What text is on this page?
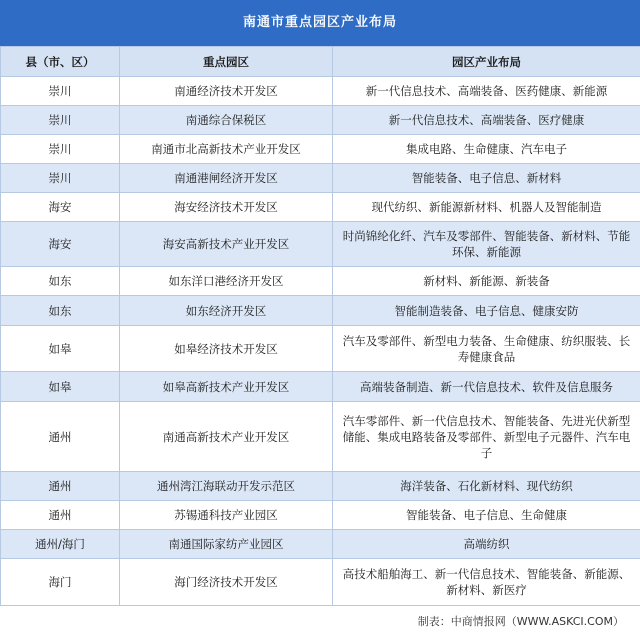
南通市重点园区产业布局
县（市、区）	重点园区	园区产业布局
崇川	南通经济技术开发区	新一代信息技术、高端装备、医药健康、新能源
崇川	南通综合保税区	新一代信息技术、高端装备、医疗健康
崇川	南通市北高新技术产业开发区	集成电路、生命健康、汽车电子
崇川	南通港闸经济开发区	智能装备、电子信息、新材料
海安	海安经济技术开发区	现代纺织、新能源新材料、机器人及智能制造
海安	海安高新技术产业开发区	时尚锦纶化纤、汽车及零部件、智能装备、新材料、节能环保、新能源
如东	如东洋口港经济开发区	新材料、新能源、新装备
如东	如东经济开发区	智能制造装备、电子信息、健康安防
如皋	如皋经济技术开发区	汽车及零部件、新型电力装备、生命健康、纺织服装、长寿健康食品
如皋	如皋高新技术产业开发区	高端装备制造、新一代信息技术、软件及信息服务
通州	南通高新技术产业开发区	汽车零部件、新一代信息技术、智能装备、先进光伏新型储能、集成电路装备及零部件、新型电子元器件、汽车电子
通州	通州湾江海联动开发示范区	海洋装备、石化新材料、现代纺织
通州	苏锡通科技产业园区	智能装备、电子信息、生命健康
通州/海门	南通国际家纺产业园区	高端纺织
海门	海门经济技术开发区	高技术船舶海工、新一代信息技术、智能装备、新能源、新材料、新医疗
制表：中商情报网（WWW.ASKCI.COM）
